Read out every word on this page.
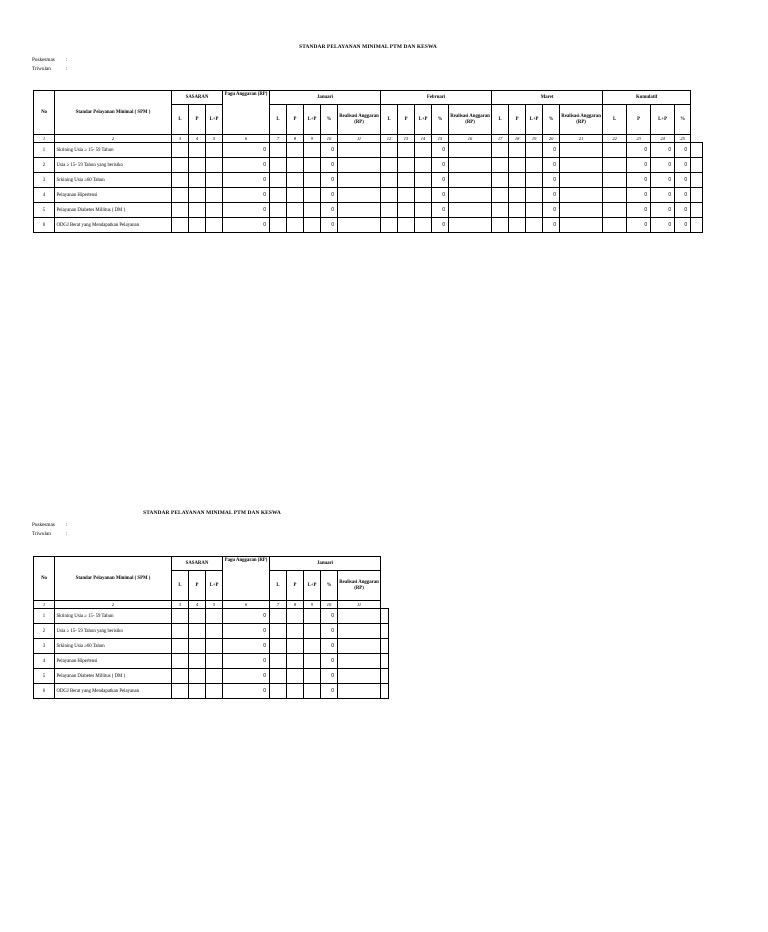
STANDAR PELAYANAN MINIMAL PTM DAN KESWA
Puskesmas :
Triwulan	:
No	Standar Pelayanan Minimal ( SPM )	SASARAN			Pagu Anggaran (RP)	Januari					Februari					Maret					Kumulatif				
		L	P	L+P		L	P	L+P	%	Realisasi Anggaran (RP)	L	P	L+P	%	Realisasi Anggaran (RP)	L	P	L+P	%	Realisasi Anggaran (RP)	L	P	L+P	%	
1	2	3	4	5	6	7	8	9	10	11	12	13	14	15	16	17	18	19	20	21	22	23	24	25	
1	Skrining Usia ≥ 15- 59 Tahun				0				0					0					0			0	0	0	
2	Usia ≥ 15- 59 Tahun yang berisiko				0				0					0					0			0	0	0	
3	Srkining Usia ≥60 Tahun				0				0					0					0			0	0	0	
4	Pelayanan Hipertensi				0				0					0					0			0	0	0	
5	Pelayanan Diabetes Millitus ( DM )				0				0					0					0			0	0	0	
6	ODGJ Berat yang Mendapatkan Pelayanan				0				0					0					0			0	0	0	
STANDAR PELAYANAN MINIMAL PTM DAN KESWA
Puskesmas :
Triwulan	:
No	Standar Pelayanan Minimal ( SPM )	SASARAN			Pagu Anggaran (RP)	Januari					
		L	P	L+P		L	P	L+P	%	Realisasi Anggaran (RP)	
1	2	3	4	5	6	7	8	9	10	11	
1	Skrining Usia ≥ 15- 59 Tahun				0				0		
2	Usia ≥ 15- 59 Tahun yang berisiko				0				0		
3	Srkining Usia ≥60 Tahun				0				0		
4	Pelayanan Hipertensi				0				0		
5	Pelayanan Diabetes Millitus ( DM )				0				0		
6	ODGJ Berat yang Mendapatkan Pelayanan				0				0		
